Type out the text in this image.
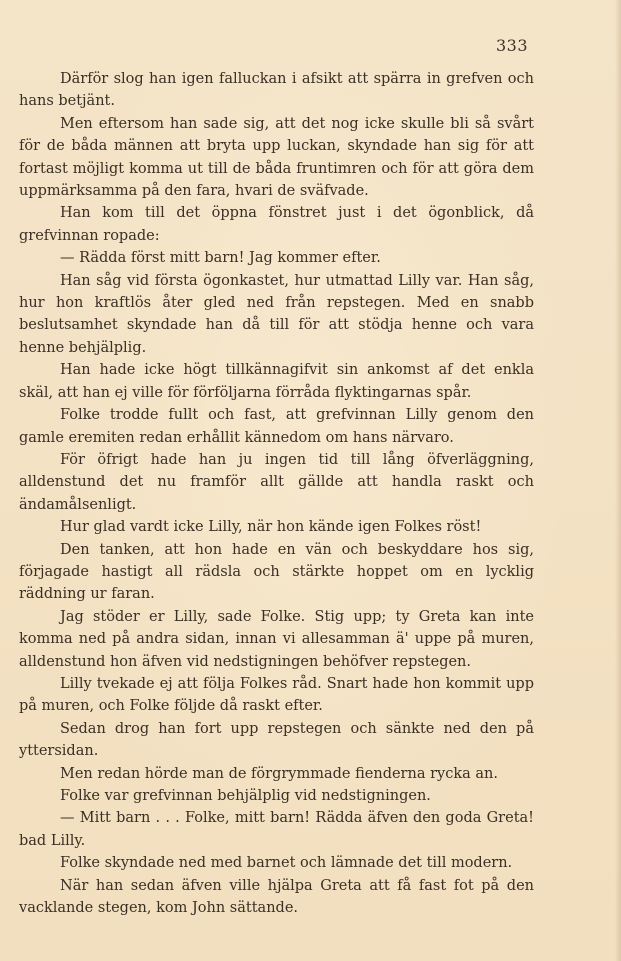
333

Därför slog han igen falluckan i afsikt att spärra in grefven och hans betjänt.

Men eftersom han sade sig, att det nog icke skulle bli så svårt för de båda männen att bryta upp luckan, skyndade han sig för att fortast möjligt komma ut till de båda fruntimren och för att göra dem uppmärksamma på den fara, hvari de sväfvade.

Han kom till det öppna fönstret just i det ögonblick, då grefvinnan ropade:

— Rädda först mitt barn! Jag kommer efter.

Han såg vid första ögonkastet, hur utmattad Lilly var. Han såg, hur hon kraftlös åter gled ned från repstegen. Med en snabb beslutsamhet skyndade han då till för att stödja henne och vara henne behjälplig.

Han hade icke högt tillkännagifvit sin ankomst af det enkla skäl, att han ej ville för förföljarna förråda flyktingarnas spår.

Folke trodde fullt och fast, att grefvinnan Lilly genom den gamle eremiten redan erhållit kännedom om hans närvaro.

För öfrigt hade han ju ingen tid till lång öfverläggning, alldenstund det nu framför allt gällde att handla raskt och ändamålsenligt.

Hur glad vardt icke Lilly, när hon kände igen Folkes röst!

Den tanken, att hon hade en vän och beskyddare hos sig, förjagade hastigt all rädsla och stärkte hoppet om en lycklig räddning ur faran.

Jag stöder er Lilly, sade Folke. Stig upp; ty Greta kan inte komma ned på andra sidan, innan vi allesamman ä' uppe på muren, alldenstund hon äfven vid nedstigningen behöfver repstegen.

Lilly tvekade ej att följa Folkes råd. Snart hade hon kommit upp på muren, och Folke följde då raskt efter.

Sedan drog han fort upp repstegen och sänkte ned den på yttersidan.

Men redan hörde man de förgrymmade fienderna rycka an.

Folke var grefvinnan behjälplig vid nedstigningen.

— Mitt barn . . . Folke, mitt barn! Rädda äfven den goda Greta! bad Lilly.

Folke skyndade ned med barnet och lämnade det till modern.

När han sedan äfven ville hjälpa Greta att få fast fot på den vacklande stegen, kom John sättande.
